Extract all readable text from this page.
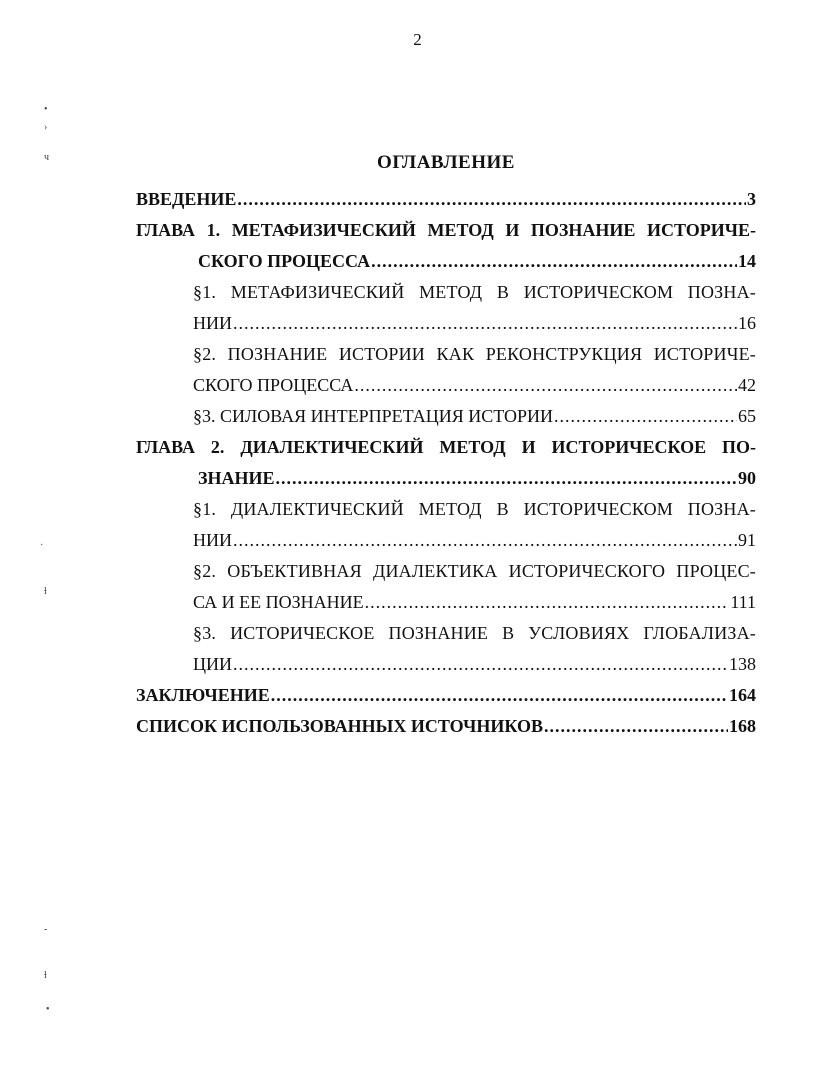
2
ОГЛАВЛЕНИЕ
ВВЕДЕНИЕ .....	3
ГЛАВА 1. МЕТАФИЗИЧЕСКИЙ МЕТОД И ПОЗНАНИЕ ИСТОРИЧЕ-
СКОГО ПРОЦЕССА .....	14
§1. МЕТАФИЗИЧЕСКИЙ МЕТОД В ИСТОРИЧЕСКОМ ПОЗНА-
НИИ .....	16
§2. ПОЗНАНИЕ ИСТОРИИ КАК РЕКОНСТРУКЦИЯ ИСТОРИЧЕ-
СКОГО ПРОЦЕССА .....	42
§3. СИЛОВАЯ ИНТЕРПРЕТАЦИЯ ИСТОРИИ .....	65
ГЛАВА 2. ДИАЛЕКТИЧЕСКИЙ МЕТОД И ИСТОРИЧЕСКОЕ ПО-
ЗНАНИЕ .....	90
§1. ДИАЛЕКТИЧЕСКИЙ МЕТОД В ИСТОРИЧЕСКОМ ПОЗНА-
НИИ .....	91
§2. ОБЪЕКТИВНАЯ ДИАЛЕКТИКА ИСТОРИЧЕСКОГО ПРОЦЕС-
СА И ЕЕ ПОЗНАНИЕ .....	111
§3. ИСТОРИЧЕСКОЕ ПОЗНАНИЕ В УСЛОВИЯХ ГЛОБАЛИЗА-
ЦИИ .....	138
ЗАКЛЮЧЕНИЕ .....	164
СПИСОК ИСПОЛЬЗОВАННЫХ ИСТОЧНИКОВ .....	168
•
›
ч
·
ɫ
-
ɫ
•
